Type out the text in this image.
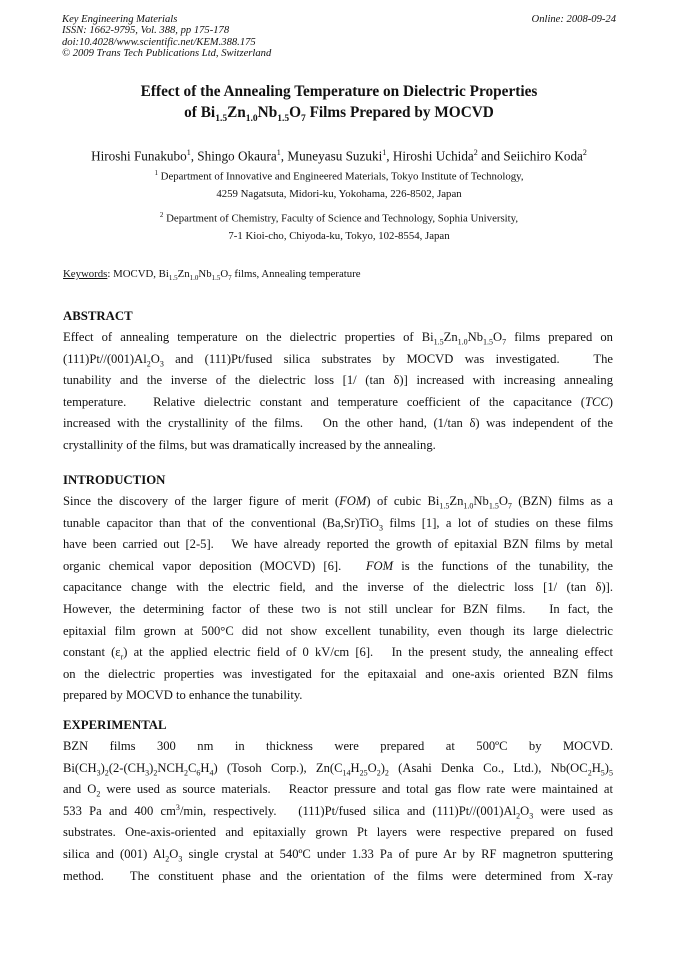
Key Engineering Materials
ISSN: 1662-9795, Vol. 388, pp 175-178
doi:10.4028/www.scientific.net/KEM.388.175
© 2009 Trans Tech Publications Ltd, Switzerland
Online: 2008-09-24
Effect of the Annealing Temperature on Dielectric Properties
of $Bi_{1.5}Zn_{1.0}Nb_{1.5}O_7$ Films Prepared by MOCVD
Hiroshi Funakubo$^1$, Shingo Okaura$^1$, Muneyasu Suzuki$^1$, Hiroshi Uchida$^2$ and Seiichiro Koda$^2$
$^1$ Department of Innovative and Engineered Materials, Tokyo Institute of Technology,
4259 Nagatsuta, Midori-ku, Yokohama, 226-8502, Japan
$^2$ Department of Chemistry, Faculty of Science and Technology, Sophia University,
7-1 Kioi-cho, Chiyoda-ku, Tokyo, 102-8554, Japan
Keywords: MOCVD, $Bi_{1.5}Zn_{1.0}Nb_{1.5}O_7$ films, Annealing temperature
ABSTRACT
Effect of annealing temperature on the dielectric properties of $Bi_{1.5}Zn_{1.0}Nb_{1.5}O_7$ films prepared on
$(111)Pt//(001)Al_2O_3$ and (111)Pt/fused silica substrates by MOCVD was investigated.   The
tunability and the inverse of the dielectric loss [1/ (tan δ)] increased with increasing annealing
temperature.   Relative dielectric constant and temperature coefficient of the capacitance (TCC)
increased with the crystallinity of the films.   On the other hand, (1/tan δ) was independent of the
crystallinity of the films, but was dramatically increased by the annealing.
INTRODUCTION
Since the discovery of the larger figure of merit (FOM) of cubic $Bi_{1.5}Zn_{1.0}Nb_{1.5}O_7$ (BZN) films as a
tunable capacitor than that of the conventional (Ba,Sr)TiO$_3$ films [1], a lot of studies on these films
have been carried out [2-5].   We have already reported the growth of epitaxial BZN films by metal
organic chemical vapor deposition (MOCVD) [6].   FOM is the functions of the tunability, the
capacitance change with the electric field, and the inverse of the dielectric loss [1/ (tan δ)].
However, the determining factor of these two is not still unclear for BZN films.   In fact, the
epitaxial film grown at 500°C did not show excellent tunability, even though its large dielectric
constant $(\varepsilon_r)$ at the applied electric field of 0 kV/cm [6].   In the present study, the annealing effect
on the dielectric properties was investigated for the epitaxaial and one-axis oriented BZN films
prepared by MOCVD to enhance the tunability.
EXPERIMENTAL
BZN films 300 nm in thickness were prepared at 500ºC by MOCVD.
$Bi(CH_3)_2(2-(CH_3)_2NCH_2C_6H_4)$ (Tosoh Corp.), $Zn(C_{14}H_{25}O_2)_2$ (Asahi Denka Co., Ltd.), $Nb(OC_2H_5)_5$
and $O_2$ were used as source materials.   Reactor pressure and total gas flow rate were maintained at
533 Pa and 400 $cm^3/\min$, respectively.   (111)Pt/fused silica and $(111)Pt//(001)Al_2O_3$ were used as
substrates. One-axis-oriented and epitaxially grown Pt layers were respective prepared on fused
silica and (001) $Al_2O_3$ single crystal at 540ºC under 1.33 Pa of pure Ar by RF magnetron sputtering
method.   The constituent phase and the orientation of the films were determined from X-ray
